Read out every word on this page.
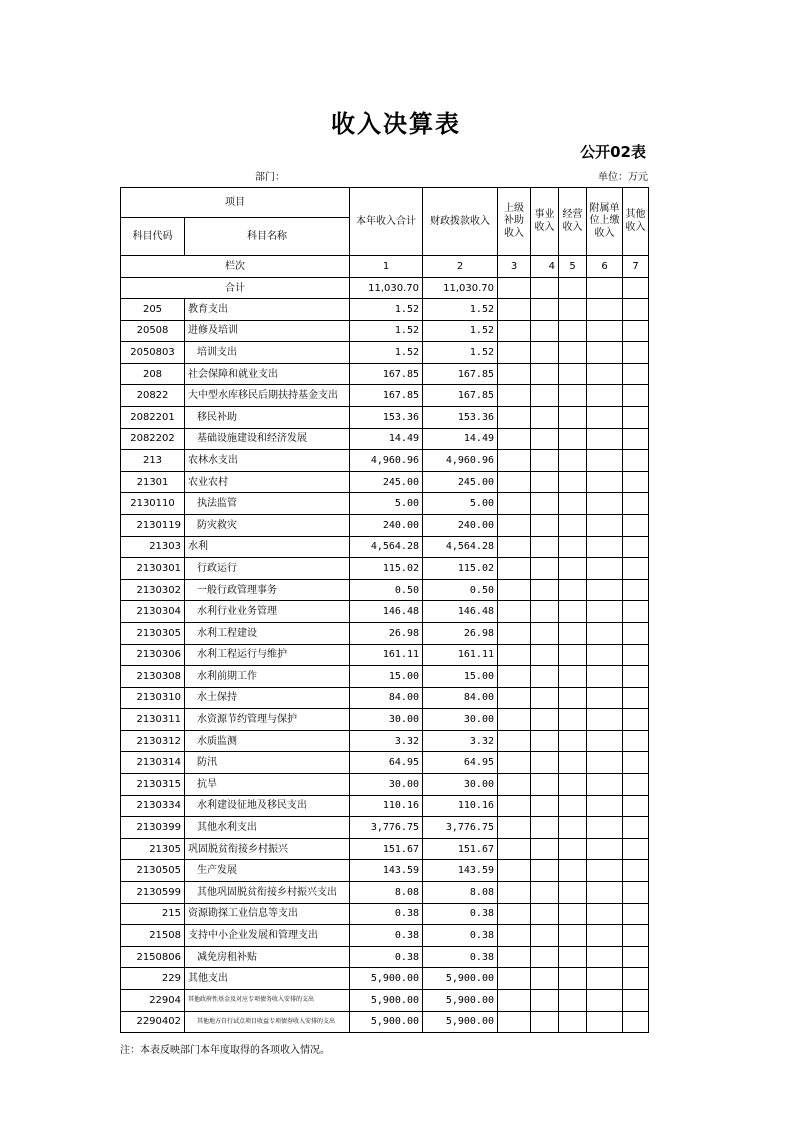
收入决算表
公开02表
部门：	单位：万元
项目		本年收入合计	财政拨款收入	上级补助收入	事业收入	经营收入	附属单位上缴收入	其他收入
科目代码	科目名称							
栏次		1	2	3	4	5	6	7
合计		11,030.70	11,030.70					
205	教育支出	1.52	1.52					
20508	进修及培训	1.52	1.52					
2050803	培训支出	1.52	1.52					
208	社会保障和就业支出	167.85	167.85					
20822	大中型水库移民后期扶持基金支出	167.85	167.85					
2082201	移民补助	153.36	153.36					
2082202	基础设施建设和经济发展	14.49	14.49					
213	农林水支出	4,960.96	4,960.96					
21301	农业农村	245.00	245.00					
2130110	执法监管	5.00	5.00					
2130119	防灾救灾	240.00	240.00					
21303	水利	4,564.28	4,564.28					
2130301	行政运行	115.02	115.02					
2130302	一般行政管理事务	0.50	0.50					
2130304	水利行业业务管理	146.48	146.48					
2130305	水利工程建设	26.98	26.98					
2130306	水利工程运行与维护	161.11	161.11					
2130308	水利前期工作	15.00	15.00					
2130310	水土保持	84.00	84.00					
2130311	水资源节约管理与保护	30.00	30.00					
2130312	水质监测	3.32	3.32					
2130314	防汛	64.95	64.95					
2130315	抗旱	30.00	30.00					
2130334	水利建设征地及移民支出	110.16	110.16					
2130399	其他水利支出	3,776.75	3,776.75					
21305	巩固脱贫衔接乡村振兴	151.67	151.67					
2130505	生产发展	143.59	143.59					
2130599	其他巩固脱贫衔接乡村振兴支出	8.08	8.08					
215	资源勘探工业信息等支出	0.38	0.38					
21508	支持中小企业发展和管理支出	0.38	0.38					
2150806	减免房租补贴	0.38	0.38					
229	其他支出	5,900.00	5,900.00					
22904	其他政府性基金及对应专项债务收入安排的支出	5,900.00	5,900.00					
2290402	其他地方自行试点项目收益专项债券收入安排的支出	5,900.00	5,900.00					
注：本表反映部门本年度取得的各项收入情况。
